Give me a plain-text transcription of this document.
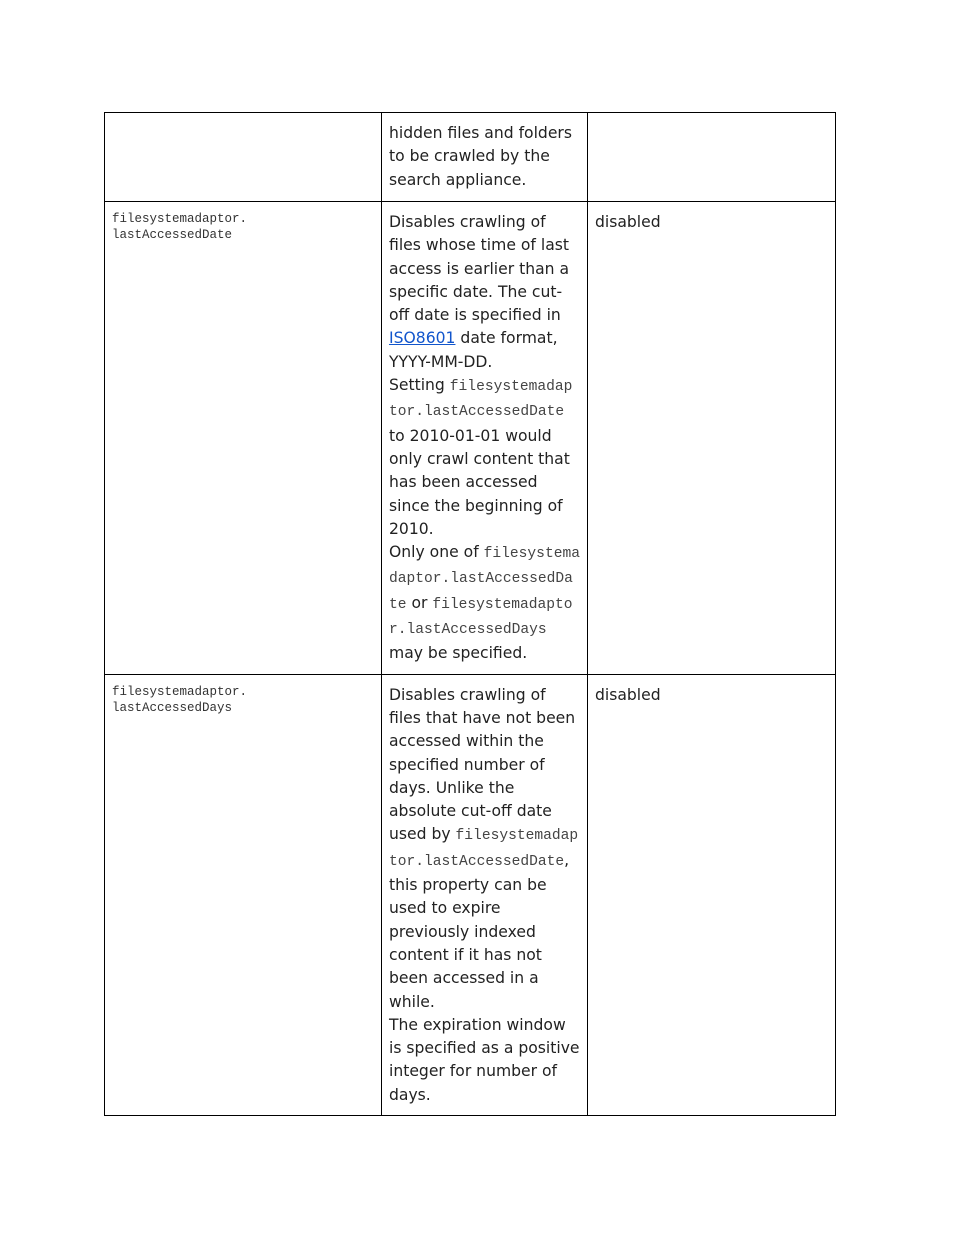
	hidden files and folders to be crawled by the search appliance.	
filesystemadaptor.
lastAccessedDate	Disables crawling of files whose time of last access is earlier than a specific date. The cut-off date is specified in ISO8601 date format, YYYY-MM-DD.
Setting filesystemadaptor.lastAccessedDate to 2010-01-01 would only crawl content that has been accessed since the beginning of 2010.
Only one of filesystemadaptor.lastAccessedDate or filesystemadaptor.lastAccessedDays may be specified.	disabled
filesystemadaptor.
lastAccessedDays	Disables crawling of files that have not been accessed within the specified number of days. Unlike the absolute cut-off date used by filesystemadaptor.lastAccessedDate, this property can be used to expire previously indexed content if it has not been accessed in a while.
The expiration window is specified as a positive integer for number of days.	disabled
